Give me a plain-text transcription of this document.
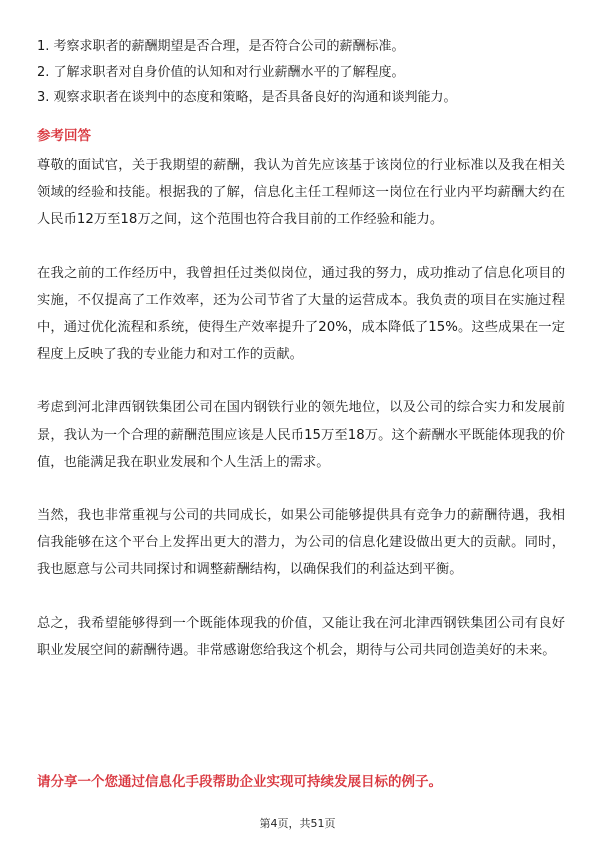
1. 考察求职者的薪酬期望是否合理，是否符合公司的薪酬标准。
2. 了解求职者对自身价值的认知和对行业薪酬水平的了解程度。
3. 观察求职者在谈判中的态度和策略，是否具备良好的沟通和谈判能力。
参考回答

尊敬的面试官，关于我期望的薪酬，我认为首先应该基于该岗位的行业标准以及我在相关领域的经验和技能。根据我的了解，信息化主任工程师这一岗位在行业内平均薪酬大约在人民币12万至18万之间，这个范围也符合我目前的工作经验和能力。

在我之前的工作经历中，我曾担任过类似岗位，通过我的努力，成功推动了信息化项目的实施，不仅提高了工作效率，还为公司节省了大量的运营成本。我负责的项目在实施过程中，通过优化流程和系统，使得生产效率提升了20%，成本降低了15%。这些成果在一定程度上反映了我的专业能力和对工作的贡献。

考虑到河北津西钢铁集团公司在国内钢铁行业的领先地位，以及公司的综合实力和发展前景，我认为一个合理的薪酬范围应该是人民币15万至18万。这个薪酬水平既能体现我的价值，也能满足我在职业发展和个人生活上的需求。

当然，我也非常重视与公司的共同成长，如果公司能够提供具有竞争力的薪酬待遇，我相信我能够在这个平台上发挥出更大的潜力，为公司的信息化建设做出更大的贡献。同时，我也愿意与公司共同探讨和调整薪酬结构，以确保我们的利益达到平衡。

总之，我希望能够得到一个既能体现我的价值，又能让我在河北津西钢铁集团公司有良好职业发展空间的薪酬待遇。非常感谢您给我这个机会，期待与公司共同创造美好的未来。

请分享一个您通过信息化手段帮助企业实现可持续发展目标的例子。
第4页，共51页
